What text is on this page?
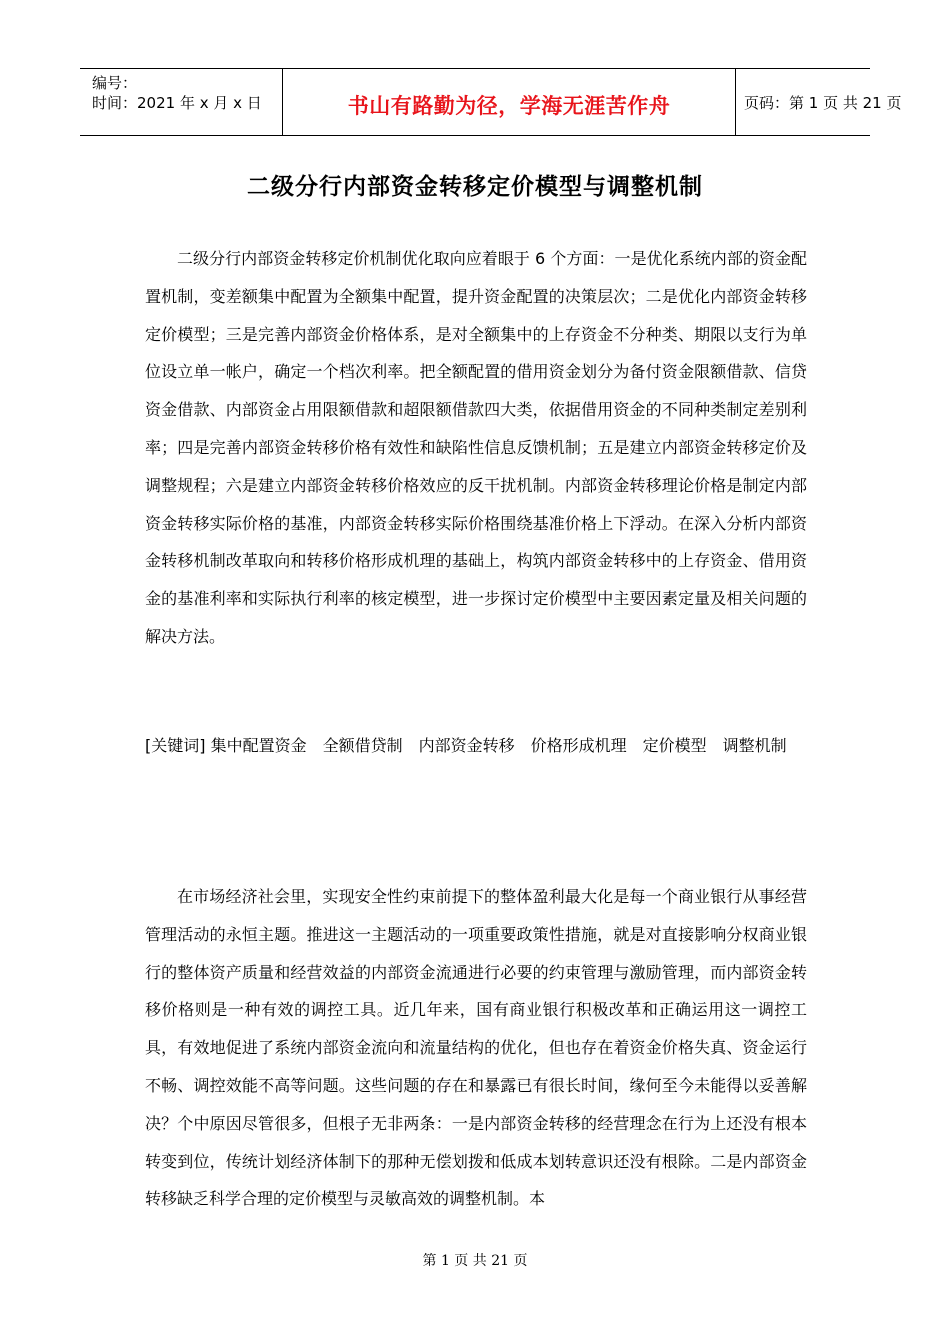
编号：
时间：2021 年 x 月 x 日	书山有路勤为径，学海无涯苦作舟	页码：第 1 页 共 21 页
二级分行内部资金转移定价模型与调整机制

二级分行内部资金转移定价机制优化取向应着眼于 6 个方面：一是优化系统内部的资金配置机制，变差额集中配置为全额集中配置，提升资金配置的决策层次；二是优化内部资金转移定价模型；三是完善内部资金价格体系，是对全额集中的上存资金不分种类、期限以支行为单位设立单一帐户，确定一个档次利率。把全额配置的借用资金划分为备付资金限额借款、信贷资金借款、内部资金占用限额借款和超限额借款四大类，依据借用资金的不同种类制定差别利率；四是完善内部资金转移价格有效性和缺陷性信息反馈机制；五是建立内部资金转移定价及调整规程；六是建立内部资金转移价格效应的反干扰机制。内部资金转移理论价格是制定内部资金转移实际价格的基准，内部资金转移实际价格围绕基准价格上下浮动。在深入分析内部资金转移机制改革取向和转移价格形成机理的基础上，构筑内部资金转移中的上存资金、借用资金的基准利率和实际执行利率的核定模型，进一步探讨定价模型中主要因素定量及相关问题的解决方法。

[关键词] 集中配置资金　全额借贷制　内部资金转移　价格形成机理　定价模型　调整机制

在市场经济社会里，实现安全性约束前提下的整体盈利最大化是每一个商业银行从事经营管理活动的永恒主题。推进这一主题活动的一项重要政策性措施，就是对直接影响分权商业银行的整体资产质量和经营效益的内部资金流通进行必要的约束管理与激励管理，而内部资金转移价格则是一种有效的调控工具。近几年来，国有商业银行积极改革和正确运用这一调控工具，有效地促进了系统内部资金流向和流量结构的优化，但也存在着资金价格失真、资金运行不畅、调控效能不高等问题。这些问题的存在和暴露已有很长时间，缘何至今未能得以妥善解决？个中原因尽管很多，但根子无非两条：一是内部资金转移的经营理念在行为上还没有根本转变到位，传统计划经济体制下的那种无偿划拨和低成本划转意识还没有根除。二是内部资金转移缺乏科学合理的定价模型与灵敏高效的调整机制。本

第 1 页 共 21 页
